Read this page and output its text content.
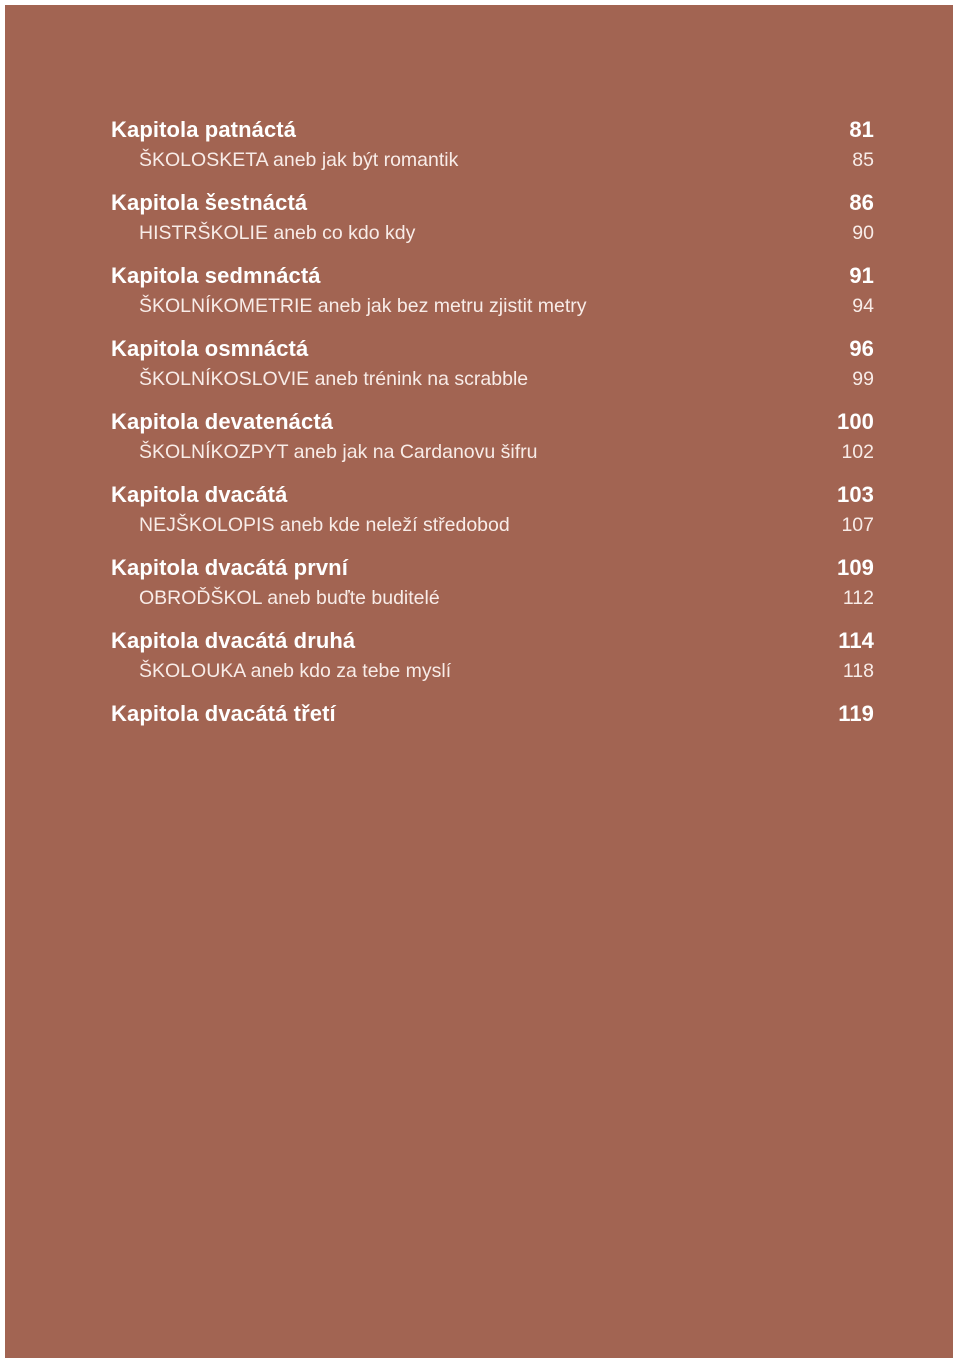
Kapitola patnáctá	81
ŠKOLOSKETA aneb jak být romantik	85
Kapitola šestnáctá	86
HISTRŠKOLIE aneb co kdo kdy	90
Kapitola sedmnáctá	91
ŠKOLNÍKOMETRIE aneb jak bez metru zjistit metry	94
Kapitola osmnáctá	96
ŠKOLNÍKOSLOVIE aneb trénink na scrabble	99
Kapitola devatenáctá	100
ŠKOLNÍKOZPYT aneb jak na Cardanovu šifru	102
Kapitola dvacátá	103
NEJŠKOLOPIS aneb kde neleží středobod	107
Kapitola dvacátá první	109
OBROĎŠKOL aneb buďte buditelé	112
Kapitola dvacátá druhá	114
ŠKOLOUKA aneb kdo za tebe myslí	118
Kapitola dvacátá třetí	119
